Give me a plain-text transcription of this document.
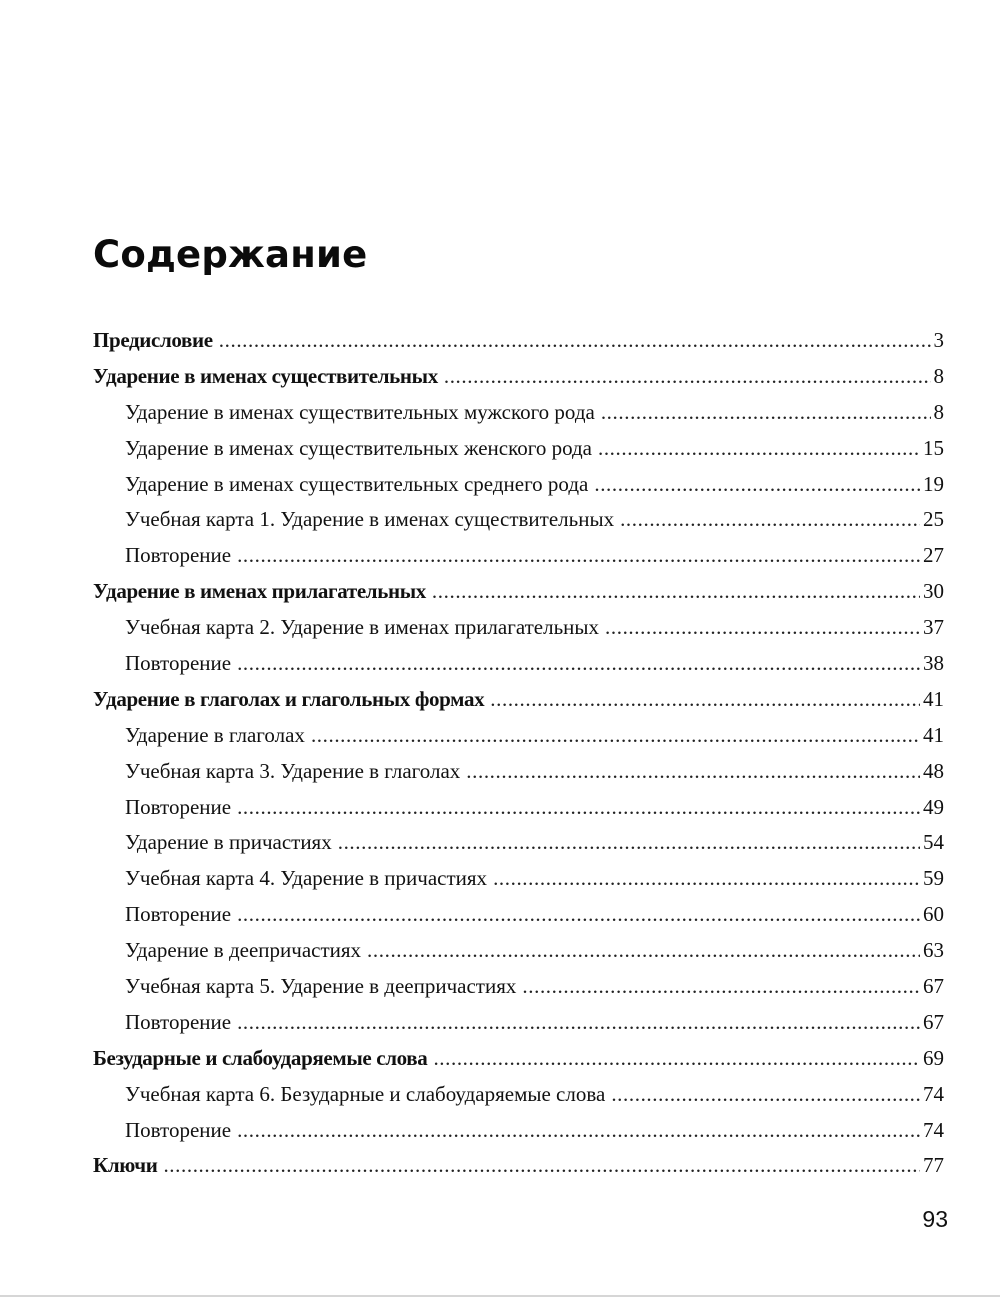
Содержание
Предисловие .....	3
Ударение в именах существительных .....	8
Ударение в именах существительных мужского рода .....	8
Ударение в именах существительных женского рода .....	15
Ударение в именах существительных среднего рода .....	19
Учебная карта 1. Ударение в именах существительных .....	25
Повторение .....	27
Ударение в именах прилагательных .....	30
Учебная карта 2. Ударение в именах прилагательных .....	37
Повторение .....	38
Ударение в глаголах и глагольных формах .....	41
Ударение в глаголах .....	41
Учебная карта 3. Ударение в глаголах .....	48
Повторение .....	49
Ударение в причастиях .....	54
Учебная карта 4. Ударение в причастиях .....	59
Повторение .....	60
Ударение в деепричастиях .....	63
Учебная карта 5. Ударение в деепричастиях .....	67
Повторение .....	67
Безударные и слабоударяемые слова .....	69
Учебная карта 6. Безударные и слабоударяемые слова .....	74
Повторение .....	74
Ключи .....	77
93
